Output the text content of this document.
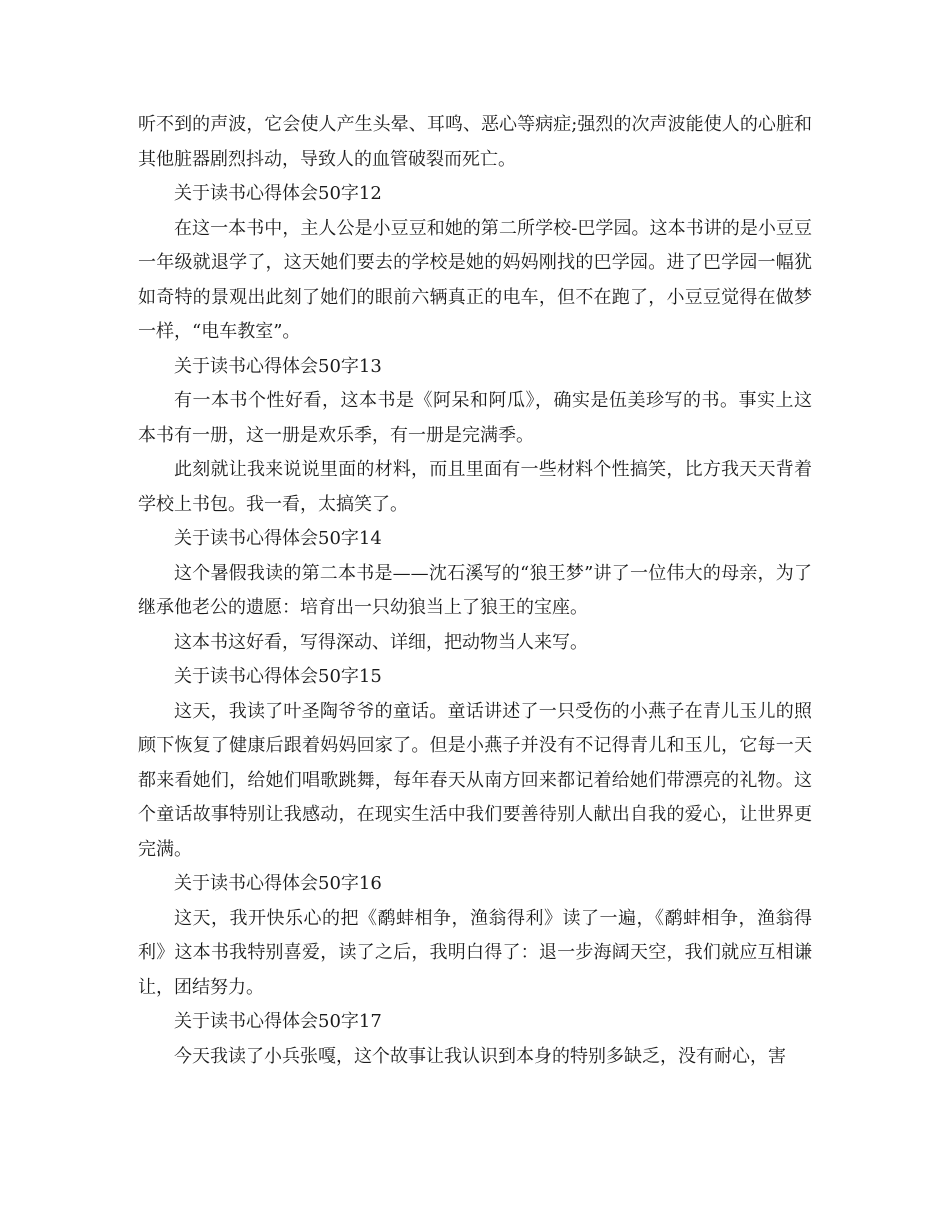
听不到的声波，它会使人产生头晕、耳鸣、恶心等病症;强烈的次声波能使人的心脏和其他脏器剧烈抖动，导致人的血管破裂而死亡。

关于读书心得体会50字12

在这一本书中，主人公是小豆豆和她的第二所学校-巴学园。这本书讲的是小豆豆一年级就退学了，这天她们要去的学校是她的妈妈刚找的巴学园。进了巴学园一幅犹如奇特的景观出此刻了她们的眼前六辆真正的电车，但不在跑了，小豆豆觉得在做梦一样，“电车教室”。

关于读书心得体会50字13

有一本书个性好看，这本书是《阿呆和阿瓜》，确实是伍美珍写的书。事实上这本书有一册，这一册是欢乐季，有一册是完满季。

此刻就让我来说说里面的材料，而且里面有一些材料个性搞笑，比方我天天背着学校上书包。我一看，太搞笑了。

关于读书心得体会50字14

这个暑假我读的第二本书是——沈石溪写的“狼王梦”讲了一位伟大的母亲，为了继承他老公的遗愿：培育出一只幼狼当上了狼王的宝座。

这本书这好看，写得深动、详细，把动物当人来写。

关于读书心得体会50字15

这天，我读了叶圣陶爷爷的童话。童话讲述了一只受伤的小燕子在青儿玉儿的照顾下恢复了健康后跟着妈妈回家了。但是小燕子并没有不记得青儿和玉儿，它每一天都来看她们，给她们唱歌跳舞，每年春天从南方回来都记着给她们带漂亮的礼物。这个童话故事特别让我感动，在现实生活中我们要善待别人献出自我的爱心，让世界更完满。

关于读书心得体会50字16

这天，我开快乐心的把《鹬蚌相争，渔翁得利》读了一遍，《鹬蚌相争，渔翁得利》这本书我特别喜爱，读了之后，我明白得了：退一步海阔天空，我们就应互相谦让，团结努力。

关于读书心得体会50字17

今天我读了小兵张嘎，这个故事让我认识到本身的特别多缺乏，没有耐心，害
